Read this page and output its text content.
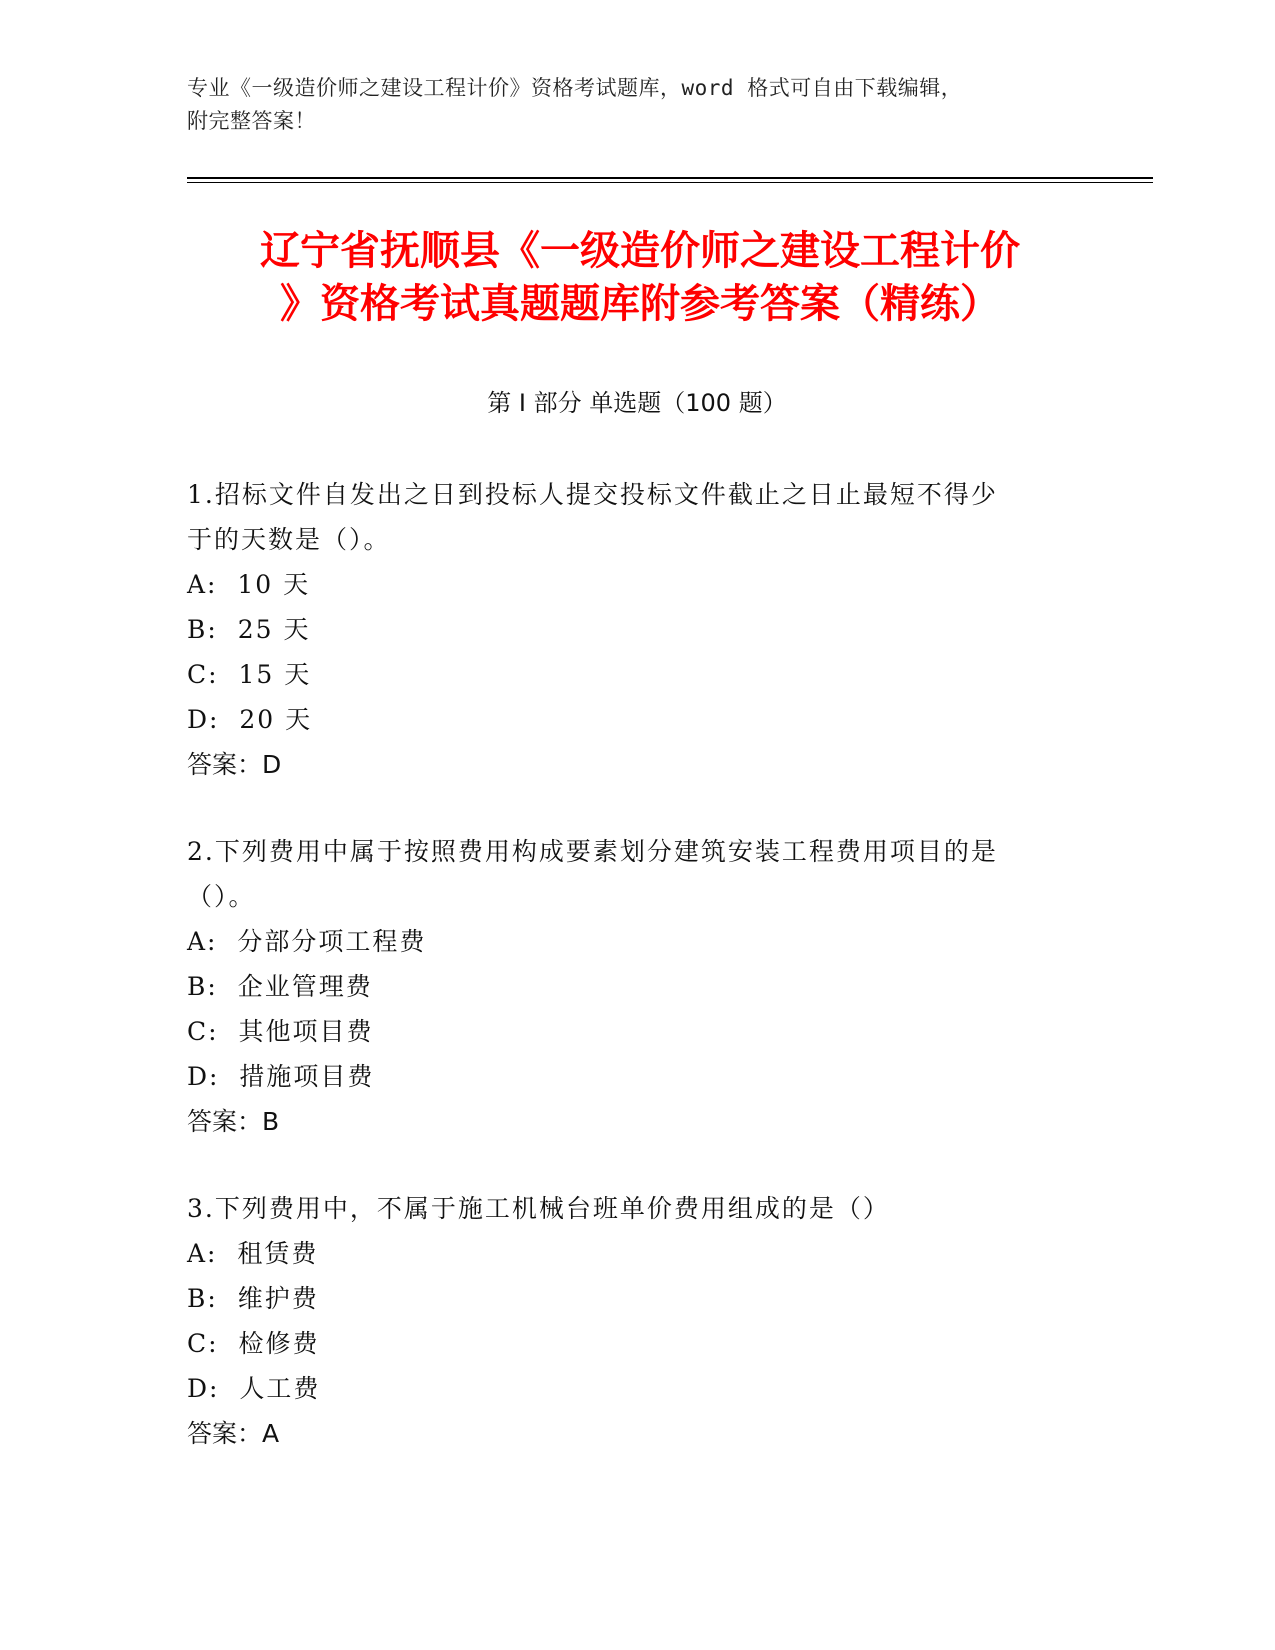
专业《一级造价师之建设工程计价》资格考试题库，word 格式可自由下载编辑，
附完整答案！
辽宁省抚顺县《一级造价师之建设工程计价
》资格考试真题题库附参考答案（精练）
第 I 部分 单选题（100 题）
1.招标文件自发出之日到投标人提交投标文件截止之日止最短不得少
于的天数是（）。
A:  10 天
B:  25 天
C:  15 天
D:  20 天
答案：D
2.下列费用中属于按照费用构成要素划分建筑安装工程费用项目的是
（）。
A:  分部分项工程费
B:  企业管理费
C:  其他项目费
D:  措施项目费
答案：B
3.下列费用中，不属于施工机械台班单价费用组成的是（）
A:  租赁费
B:  维护费
C:  检修费
D:  人工费
答案：A
